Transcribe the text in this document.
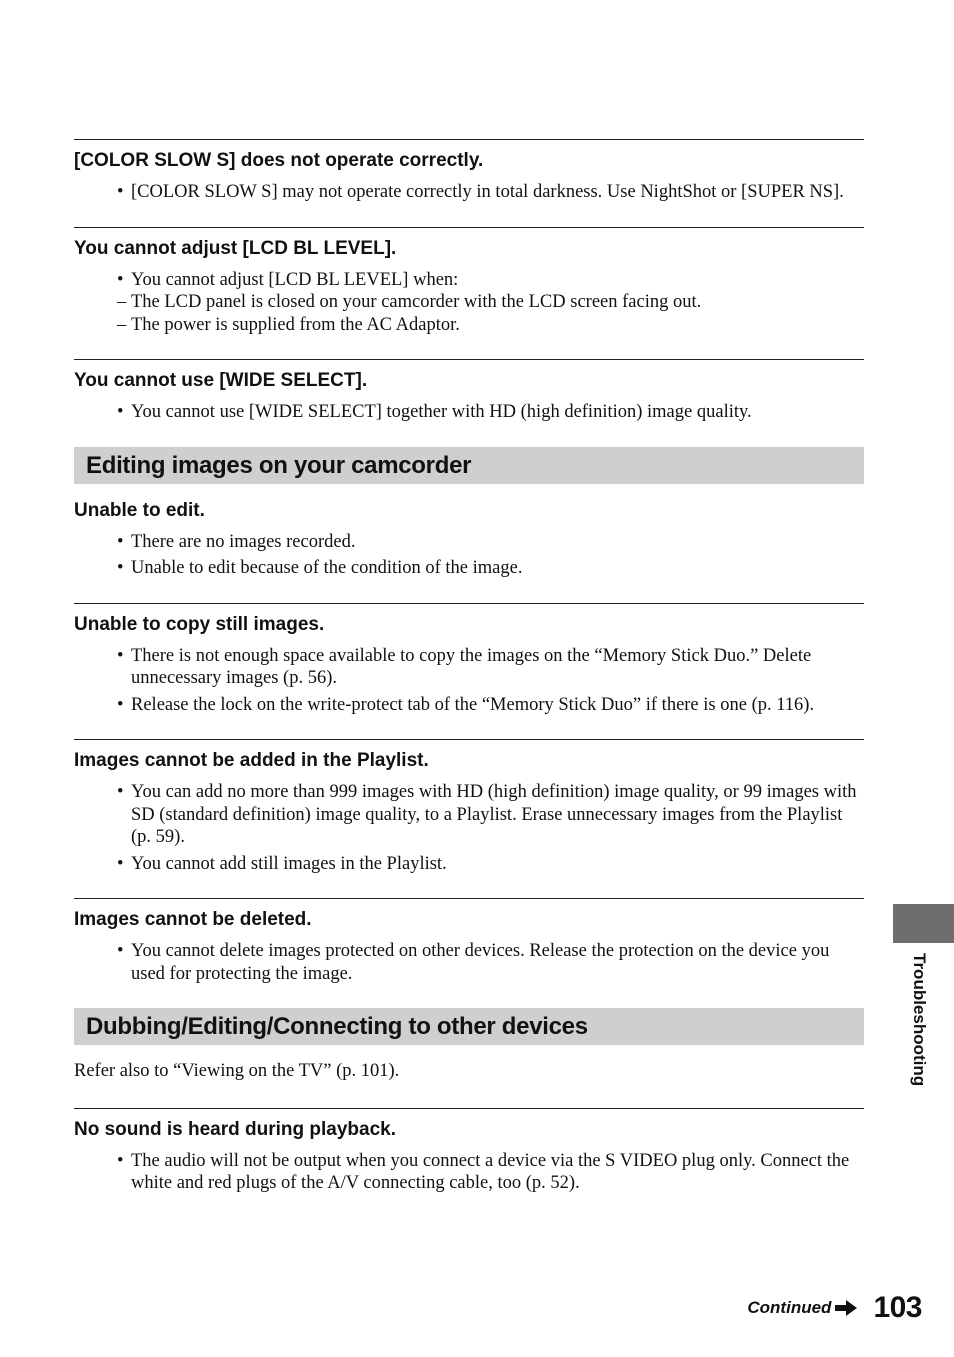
[COLOR SLOW S] does not operate correctly.
• [COLOR SLOW S] may not operate correctly in total darkness. Use NightShot or [SUPER NS].
You cannot adjust [LCD BL LEVEL].
• You cannot adjust [LCD BL LEVEL] when:
– The LCD panel is closed on your camcorder with the LCD screen facing out.
– The power is supplied from the AC Adaptor.
You cannot use [WIDE SELECT].
• You cannot use [WIDE SELECT] together with HD (high definition) image quality.
Editing images on your camcorder
Unable to edit.
• There are no images recorded.
• Unable to edit because of the condition of the image.
Unable to copy still images.
• There is not enough space available to copy the images on the “Memory Stick Duo.” Delete unnecessary images (p. 56).
• Release the lock on the write-protect tab of the “Memory Stick Duo” if there is one (p. 116).
Images cannot be added in the Playlist.
• You can add no more than 999 images with HD (high definition) image quality, or 99 images with SD (standard definition) image quality, to a Playlist. Erase unnecessary images from the Playlist (p. 59).
• You cannot add still images in the Playlist.
Images cannot be deleted.
• You cannot delete images protected on other devices. Release the protection on the device you used for protecting the image.
Dubbing/Editing/Connecting to other devices

Refer also to “Viewing on the TV” (p. 101).

No sound is heard during playback.
• The audio will not be output when you connect a device via the S VIDEO plug only. Connect the white and red plugs of the A/V connecting cable, too (p. 52).
Troubleshooting
Continued 103
